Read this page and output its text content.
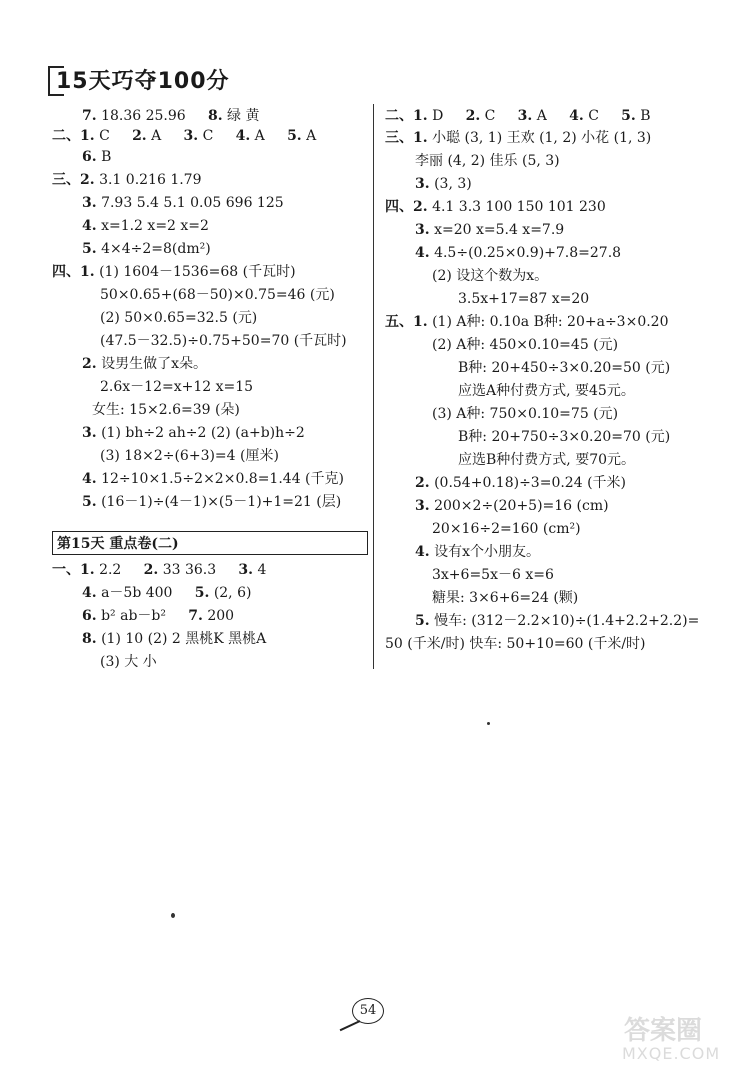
15天巧夺100分
7. 18.36 25.96 8. 绿 黄
二、1. C 2. A 3. C 4. A 5. A
6. B
三、2. 3.1 0.216 1.79
3. 7.93 5.4 5.1 0.05 696 125
4. x=1.2 x=2 x=2
5. 4×4÷2=8(dm²)
四、1. (1) 1604－1536=68 (千瓦时)
50×0.65+(68－50)×0.75=46 (元)
(2) 50×0.65=32.5 (元)
(47.5－32.5)÷0.75+50=70 (千瓦时)
2. 设男生做了x朵。
2.6x－12=x+12 x=15
女生: 15×2.6=39 (朵)
3. (1) bh÷2 ah÷2 (2) (a+b)h÷2
(3) 18×2÷(6+3)=4 (厘米)
4. 12÷10×1.5÷2×2×0.8=1.44 (千克)
5. (16－1)÷(4－1)×(5－1)+1=21 (层)
第15天 重点卷(二)
一、1. 2.2 2. 33 36.3 3. 4
4. a－5b 400 5. (2, 6)
6. b² ab－b² 7. 200
8. (1) 10 (2) 2 黑桃K 黑桃A
(3) 大 小
二、1. D 2. C 3. A 4. C 5. B
三、1. 小聪 (3, 1) 王欢 (1, 2) 小花 (1, 3)
李丽 (4, 2) 佳乐 (5, 3)
3. (3, 3)
四、2. 4.1 3.3 100 150 101 230
3. x=20 x=5.4 x=7.9
4. 4.5÷(0.25×0.9)+7.8=27.8
(2) 设这个数为x。
3.5x+17=87 x=20
五、1. (1) A种: 0.10a B种: 20+a÷3×0.20
(2) A种: 450×0.10=45 (元)
B种: 20+450÷3×0.20=50 (元)
应选A种付费方式, 要45元。
(3) A种: 750×0.10=75 (元)
B种: 20+750÷3×0.20=70 (元)
应选B种付费方式, 要70元。
2. (0.54+0.18)÷3=0.24 (千米)
3. 200×2÷(20+5)=16 (cm)
20×16÷2=160 (cm²)
4. 设有x个小朋友。
3x+6=5x－6 x=6
糖果: 3×6+6=24 (颗)
5. 慢车: (312－2.2×10)÷(1.4+2.2+2.2)=
50 (千米/时) 快车: 50+10=60 (千米/时)
54
答案圈
MXQE.COM
